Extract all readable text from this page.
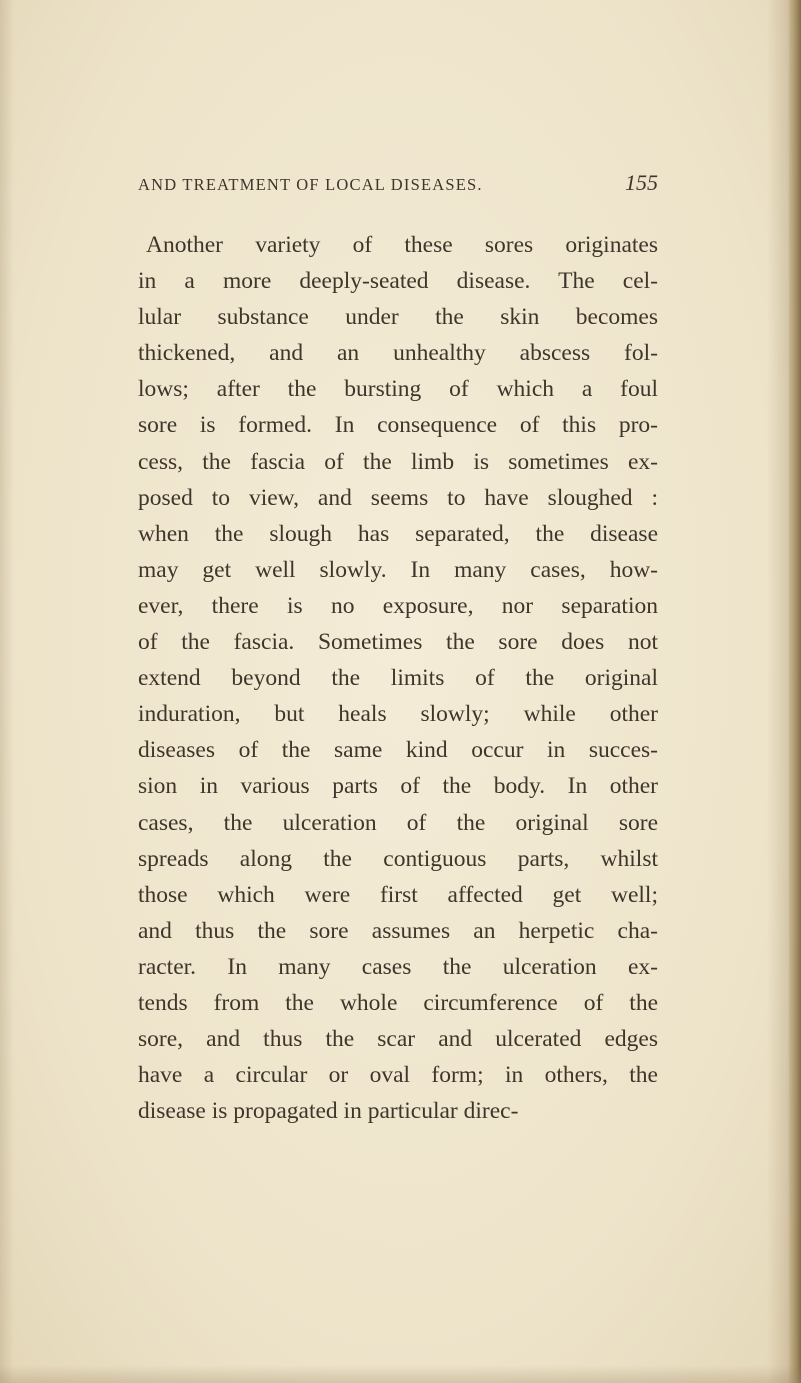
AND TREATMENT OF LOCAL DISEASES.	155
Another variety of these sores originates
in a more deeply-seated disease. The cel-
lular substance under the skin becomes
thickened, and an unhealthy abscess fol-
lows; after the bursting of which a foul
sore is formed. In consequence of this pro-
cess, the fascia of the limb is sometimes ex-
posed to view, and seems to have sloughed :
when the slough has separated, the disease
may get well slowly. In many cases, how-
ever, there is no exposure, nor separation
of the fascia. Sometimes the sore does not
extend beyond the limits of the original
induration, but heals slowly; while other
diseases of the same kind occur in succes-
sion in various parts of the body. In other
cases, the ulceration of the original sore
spreads along the contiguous parts, whilst
those which were first affected get well;
and thus the sore assumes an herpetic cha-
racter. In many cases the ulceration ex-
tends from the whole circumference of the
sore, and thus the scar and ulcerated edges
have a circular or oval form; in others, the
disease is propagated in particular direc-
